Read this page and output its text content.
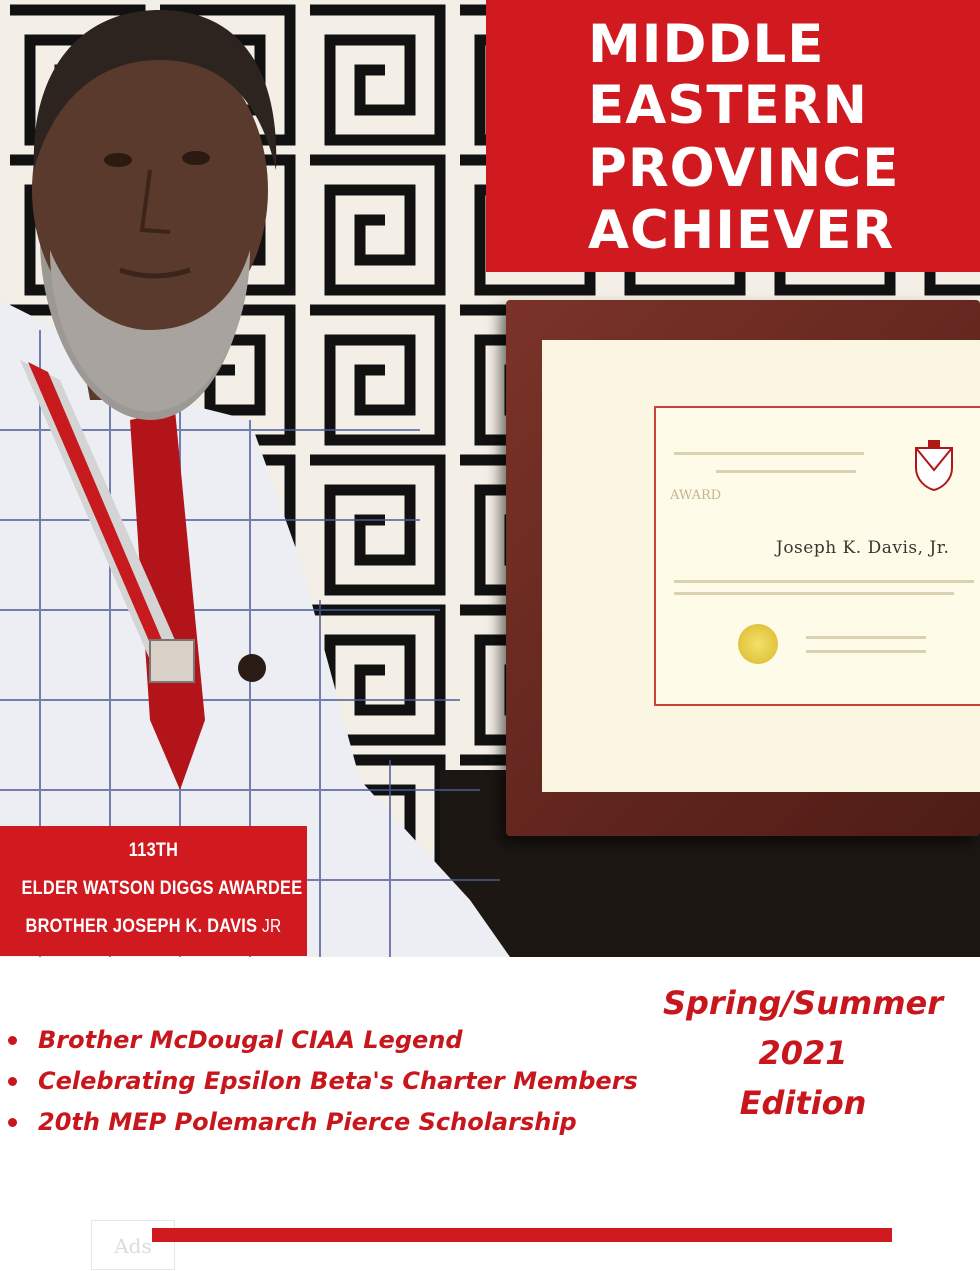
AWARD
Joseph K. Davis, Jr.
MIDDLE
EASTERN
PROVINCE
ACHIEVER
113TH
ELDER WATSON DIGGS AWARDEE
BROTHER JOSEPH K. DAVIS JR
Brother McDougal CIAA Legend
Celebrating Epsilon Beta's Charter Members
20th MEP Polemarch Pierce Scholarship
Spring/Summer
2021
Edition
Ads
